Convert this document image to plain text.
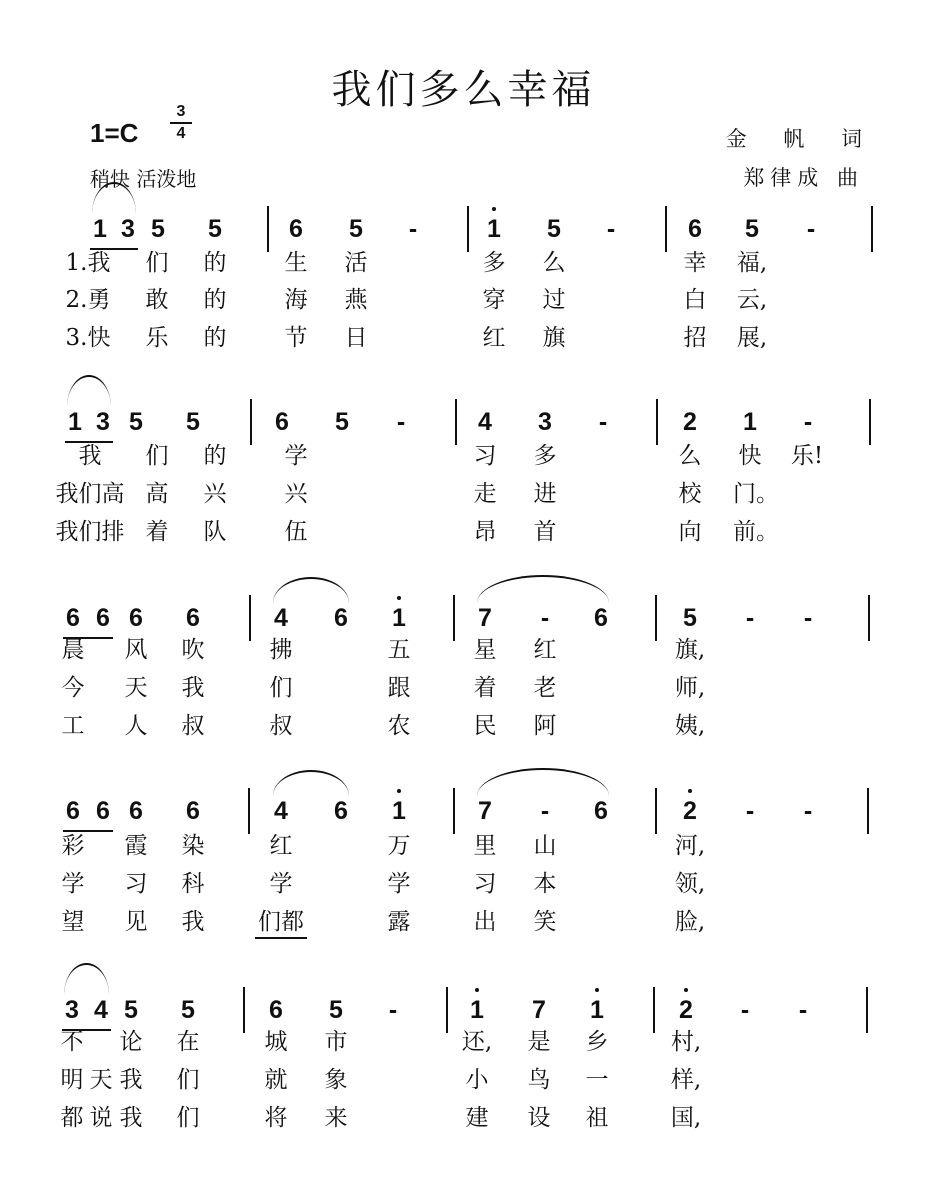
我们多么幸福
1=C
3
4
稍快 活泼地
金 帆 词
郑律成 曲
1 3 5	5	6	5	-	1	5	-	6	5	-
1.我	们 的	生 活	多 么	幸 福,
2.勇	敢 的	海 燕	穿 过	白 云,
3.快	乐 的	节 日	红 旗	招 展,
1 3 5	5	6	5	-	4	3	-	2	1	-
我 们 的	学	习 多	么 快 乐!
我们高 高 兴	兴	走 进	校 门。
我们排 着 队	伍	昂 首	向 前。
6 6 6	6	4	6	1	7	-	6	5	-	-
晨 风 吹	拂	五	星 红	旗,
今 天 我	们	跟	着 老	师,
工 人 叔	叔	农	民 阿	姨,
6 6 6	6	4	6	1	7	-	6	2	-	-
彩 霞 染	红	万	里 山	河,
学 习 科	学	学	习 本	领,
望 见 我	们都	露	出 笑	脸,
3 4 5	5	6	5	-	1	7	1	2	-	-
不 论 在	城 市	还, 是 乡	村,
明 天 我 们	就 象	小 鸟 一	样,
都 说 我 们	将 来	建 设 祖	国,
